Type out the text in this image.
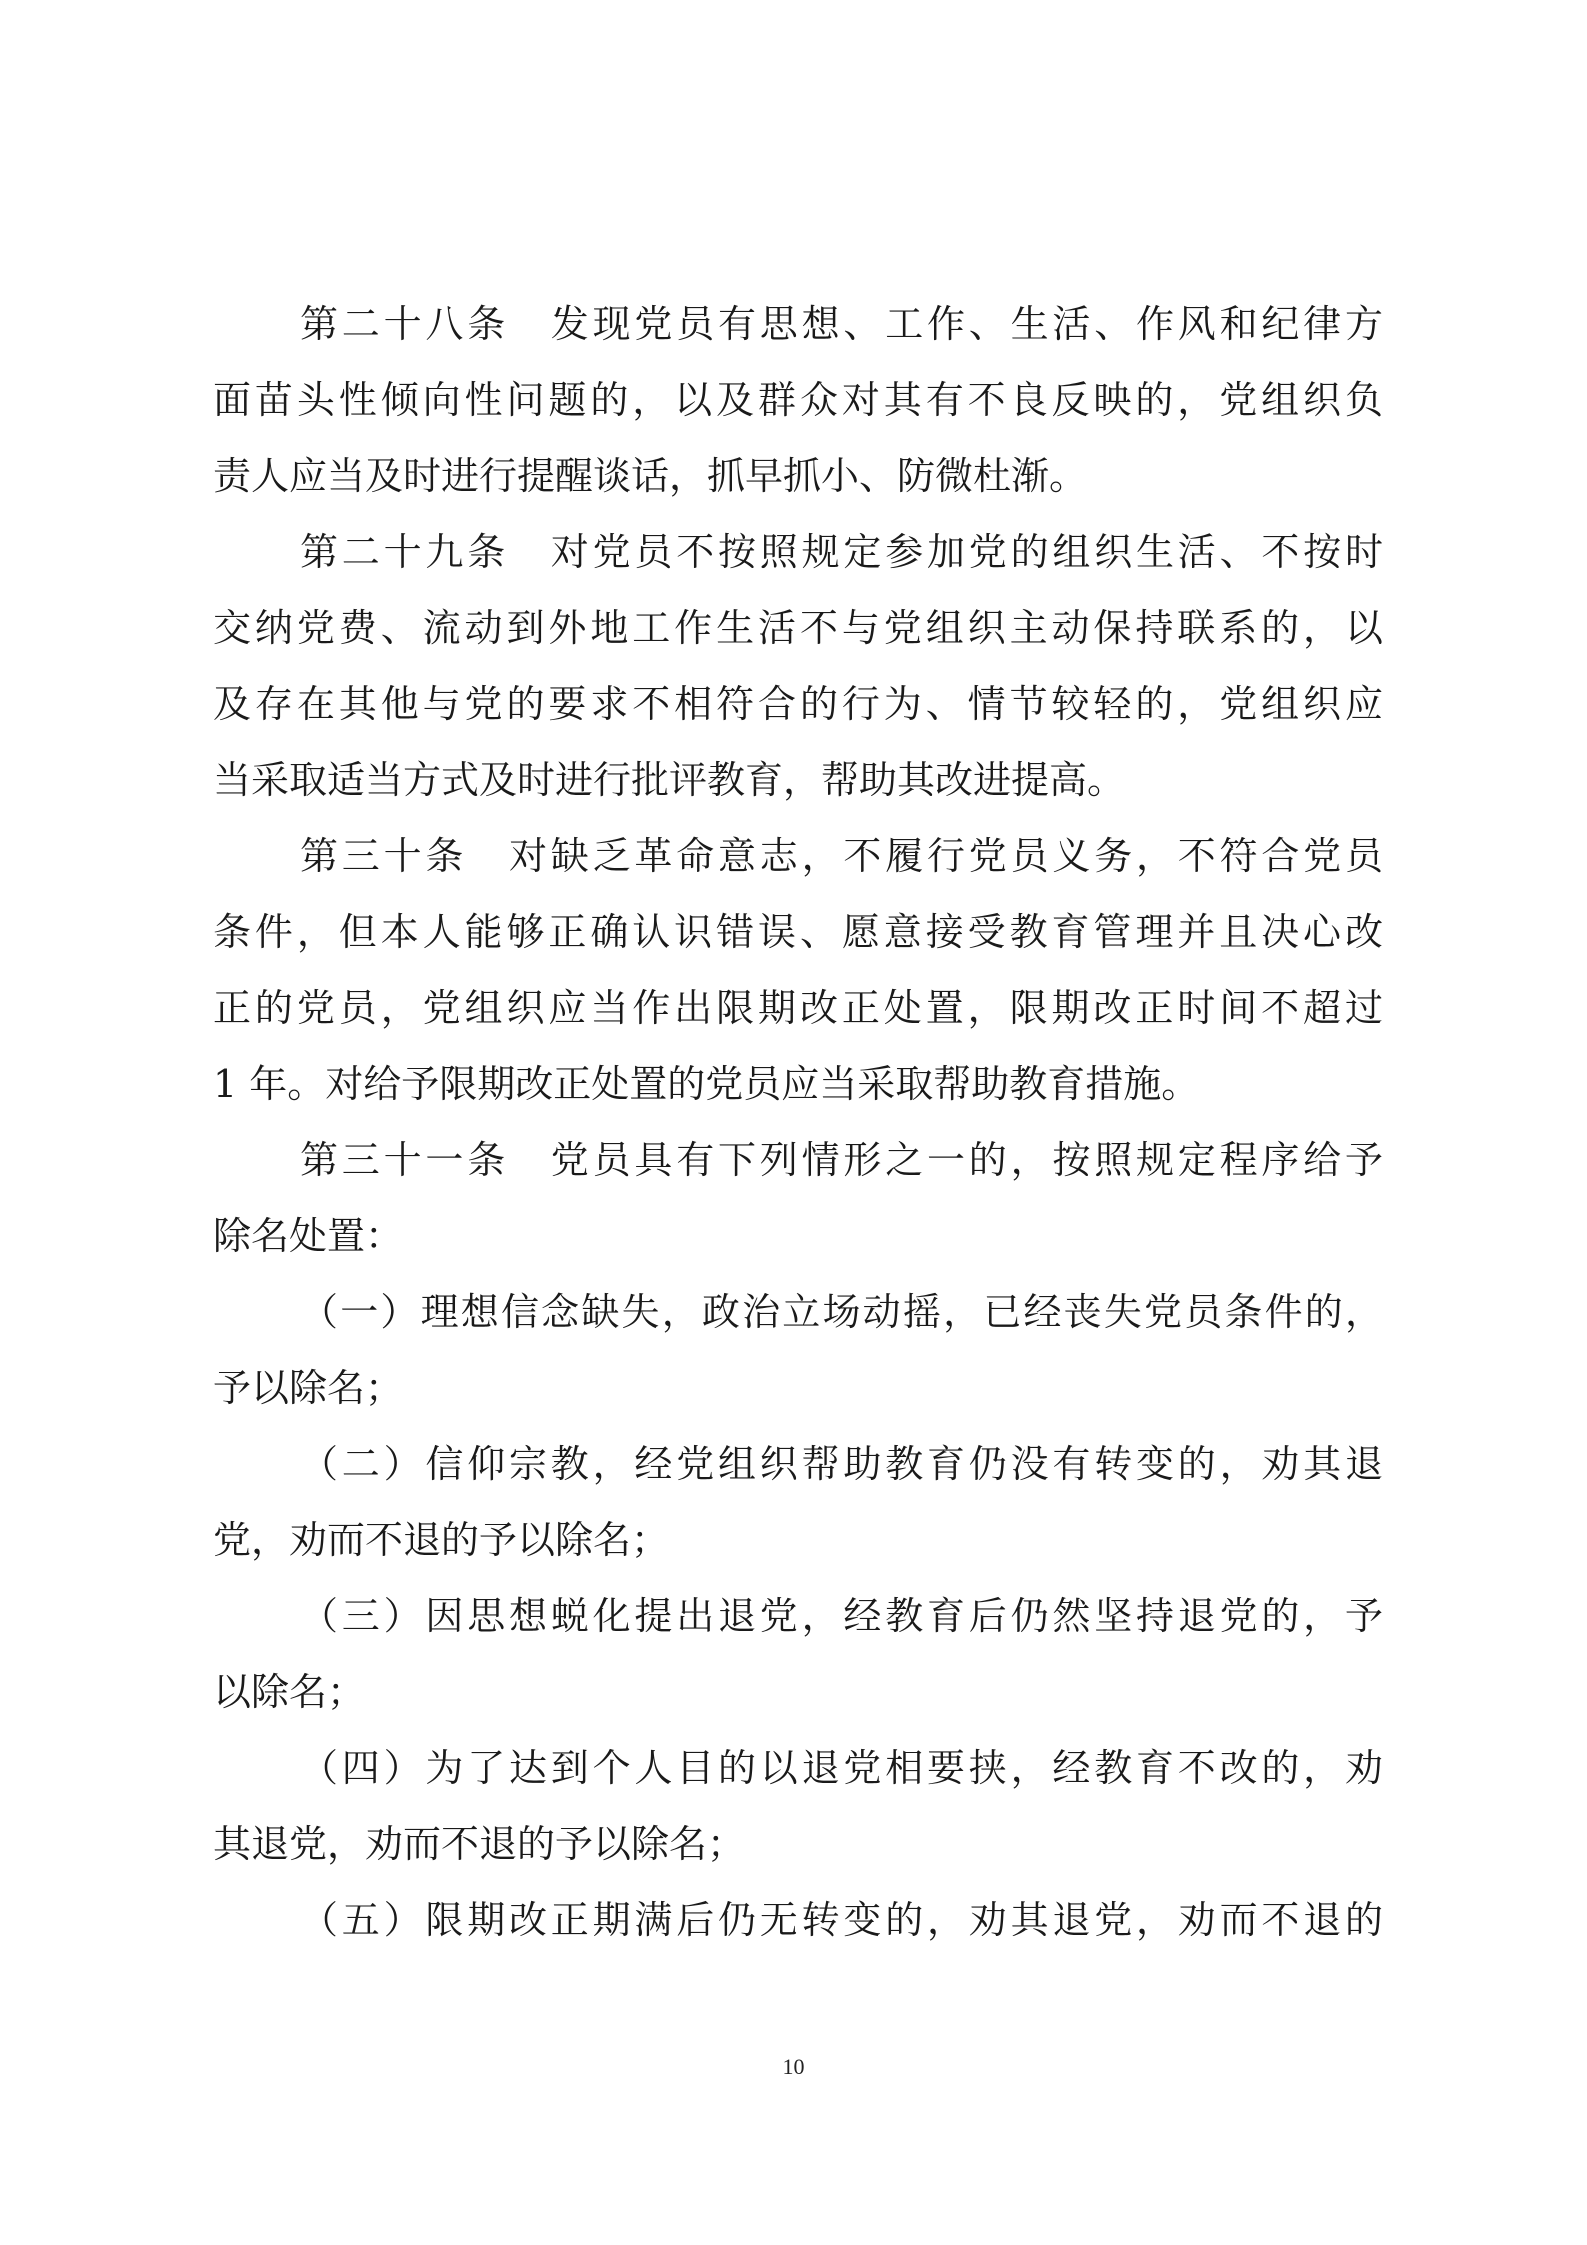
第二十八条　发现党员有思想、工作、生活、作风和纪律方
面苗头性倾向性问题的，以及群众对其有不良反映的，党组织负
责人应当及时进行提醒谈话，抓早抓小、防微杜渐。
第二十九条　对党员不按照规定参加党的组织生活、不按时
交纳党费、流动到外地工作生活不与党组织主动保持联系的，以
及存在其他与党的要求不相符合的行为、情节较轻的，党组织应
当采取适当方式及时进行批评教育，帮助其改进提高。
第三十条　对缺乏革命意志，不履行党员义务，不符合党员
条件，但本人能够正确认识错误、愿意接受教育管理并且决心改
正的党员，党组织应当作出限期改正处置，限期改正时间不超过
1 年。对给予限期改正处置的党员应当采取帮助教育措施。
第三十一条　党员具有下列情形之一的，按照规定程序给予
除名处置：
（一）理想信念缺失，政治立场动摇，已经丧失党员条件的，
予以除名；
（二）信仰宗教，经党组织帮助教育仍没有转变的，劝其退
党，劝而不退的予以除名；
（三）因思想蜕化提出退党，经教育后仍然坚持退党的，予
以除名；
（四）为了达到个人目的以退党相要挟，经教育不改的，劝
其退党，劝而不退的予以除名；
（五）限期改正期满后仍无转变的，劝其退党，劝而不退的
10
